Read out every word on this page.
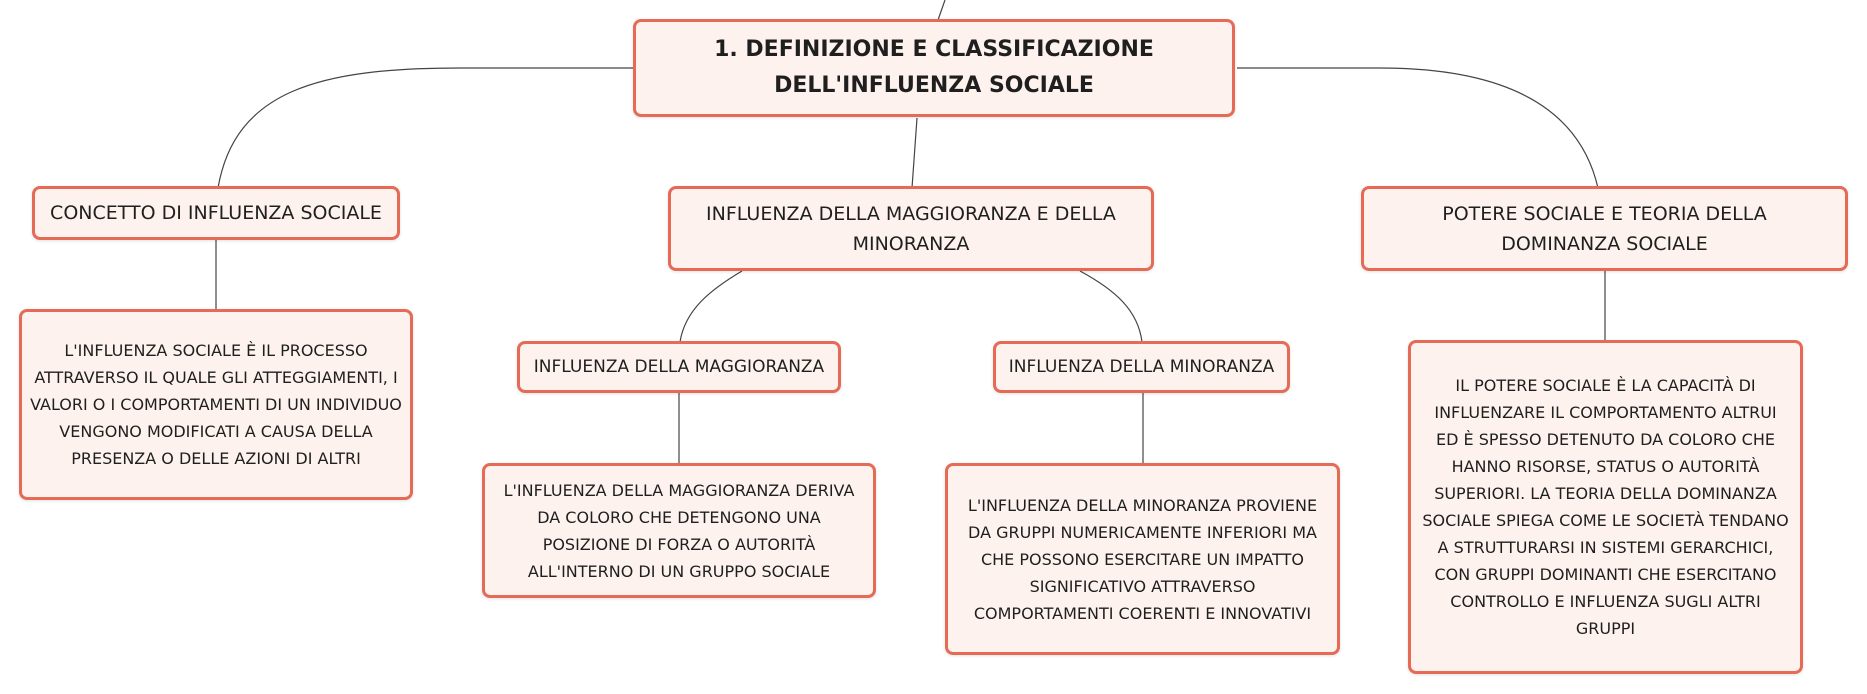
1. DEFINIZIONE E CLASSIFICAZIONE DELL'INFLUENZA SOCIALE
CONCETTO DI INFLUENZA SOCIALE	INFLUENZA DELLA MAGGIORANZA E DELLA MINORANZA
POTERE SOCIALE E TEORIA DELLA DOMINANZA SOCIALE
L'INFLUENZA SOCIALE È IL PROCESSO ATTRAVERSO IL QUALE GLI ATTEGGIAMENTI, I VALORI O I COMPORTAMENTI DI UN INDIVIDUO VENGONO MODIFICATI A CAUSA DELLA PRESENZA O DELLE AZIONI DI ALTRI
INFLUENZA DELLA MAGGIORANZA	INFLUENZA DELLA MINORANZA
L'INFLUENZA DELLA MAGGIORANZA DERIVA DA COLORO CHE DETENGONO UNA POSIZIONE DI FORZA O AUTORITÀ ALL'INTERNO DI UN GRUPPO SOCIALE
L'INFLUENZA DELLA MINORANZA PROVIENE DA GRUPPI NUMERICAMENTE INFERIORI MA CHE POSSONO ESERCITARE UN IMPATTO SIGNIFICATIVO ATTRAVERSO COMPORTAMENTI COERENTI E INNOVATIVI
IL POTERE SOCIALE È LA CAPACITÀ DI INFLUENZARE IL COMPORTAMENTO ALTRUI ED È SPESSO DETENUTO DA COLORO CHE HANNO RISORSE, STATUS O AUTORITÀ SUPERIORI. LA TEORIA DELLA DOMINANZA SOCIALE SPIEGA COME LE SOCIETÀ TENDANO A STRUTTURARSI IN SISTEMI GERARCHICI, CON GRUPPI DOMINANTI CHE ESERCITANO CONTROLLO E INFLUENZA SUGLI ALTRI GRUPPI
